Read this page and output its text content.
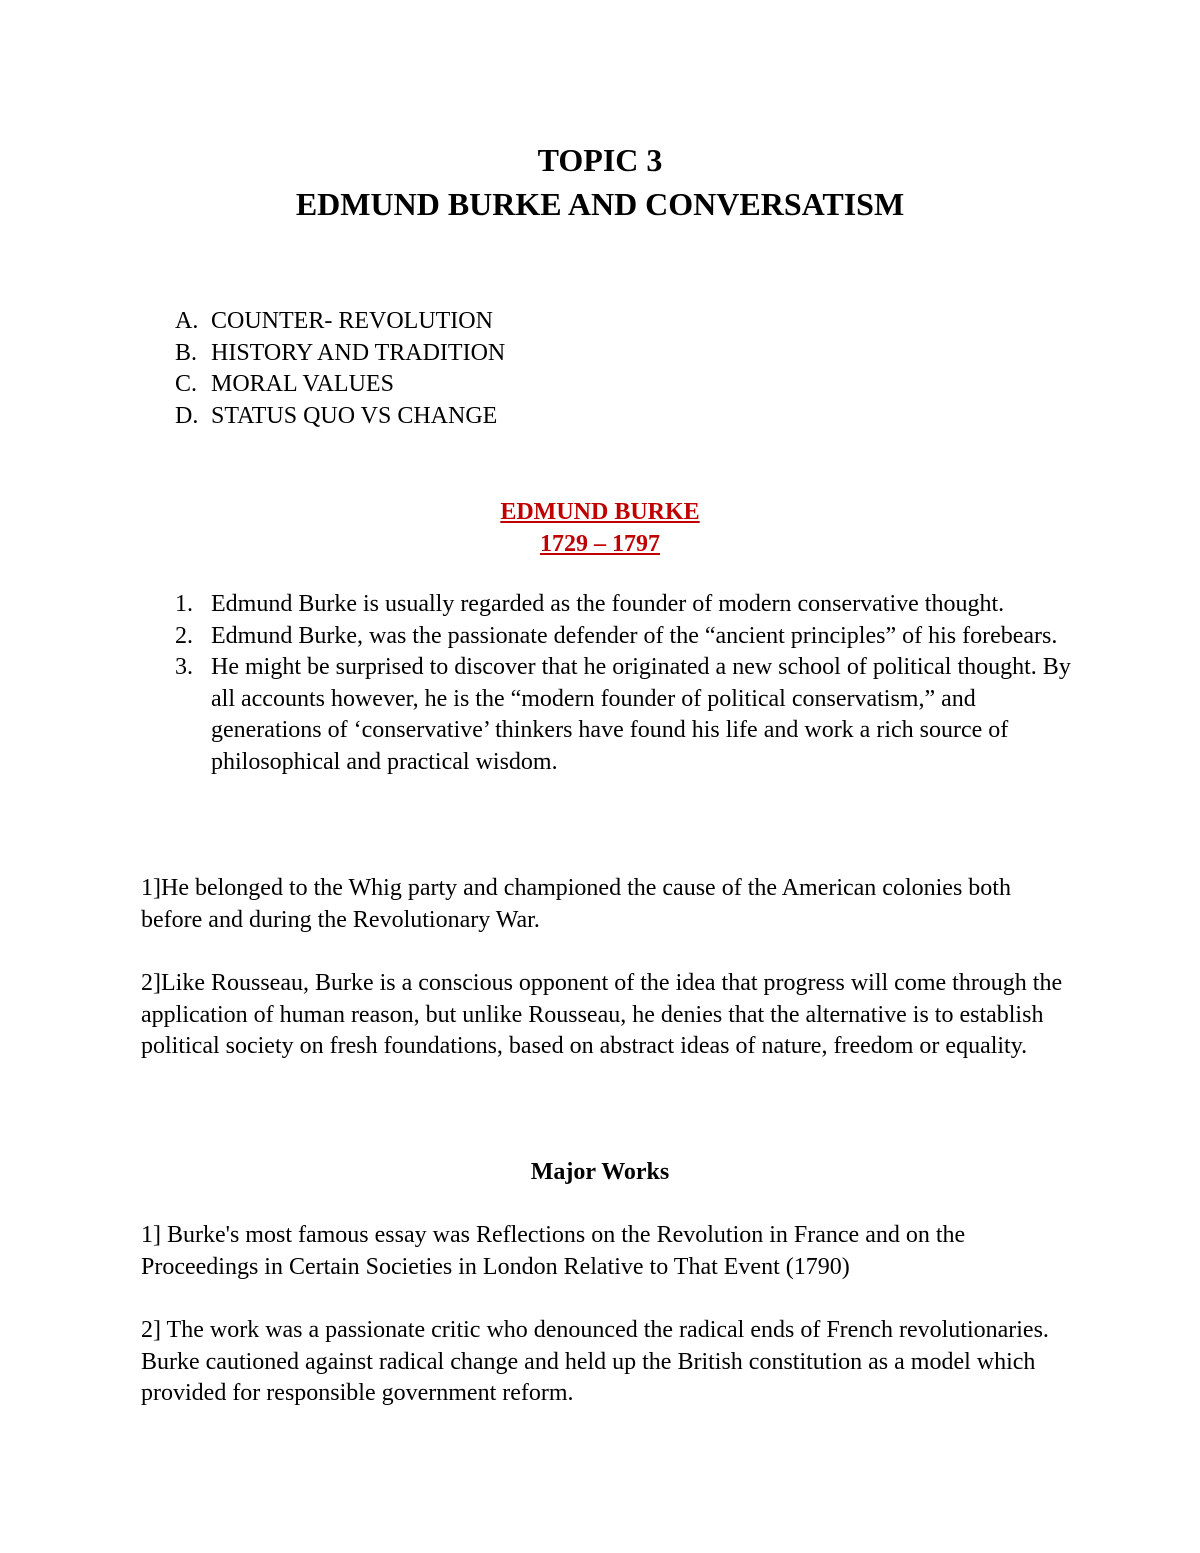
TOPIC 3
EDMUND BURKE AND CONVERSATISM
A. COUNTER- REVOLUTION
B. HISTORY AND TRADITION
C. MORAL VALUES
D. STATUS QUO VS CHANGE
EDMUND BURKE
1729 – 1797
1. Edmund Burke is usually regarded as the founder of modern conservative thought.
2. Edmund Burke, was the passionate defender of the “ancient principles” of his forebears.
3. He might be surprised to discover that he originated a new school of political thought. By all accounts however, he is the “modern founder of political conservatism,” and generations of ‘conservative’ thinkers have found his life and work a rich source of philosophical and practical wisdom.

1]He belonged to the Whig party and championed the cause of the American colonies both before and during the Revolutionary War.

2]Like Rousseau, Burke is a conscious opponent of the idea that progress will come through the application of human reason, but unlike Rousseau, he denies that the alternative is to establish political society on fresh foundations, based on abstract ideas of nature, freedom or equality.

Major Works

1] Burke's most famous essay was Reflections on the Revolution in France and on the Proceedings in Certain Societies in London Relative to That Event (1790)

2] The work was a passionate critic who denounced the radical ends of French revolutionaries. Burke cautioned against radical change and held up the British constitution as a model which provided for responsible government reform.
